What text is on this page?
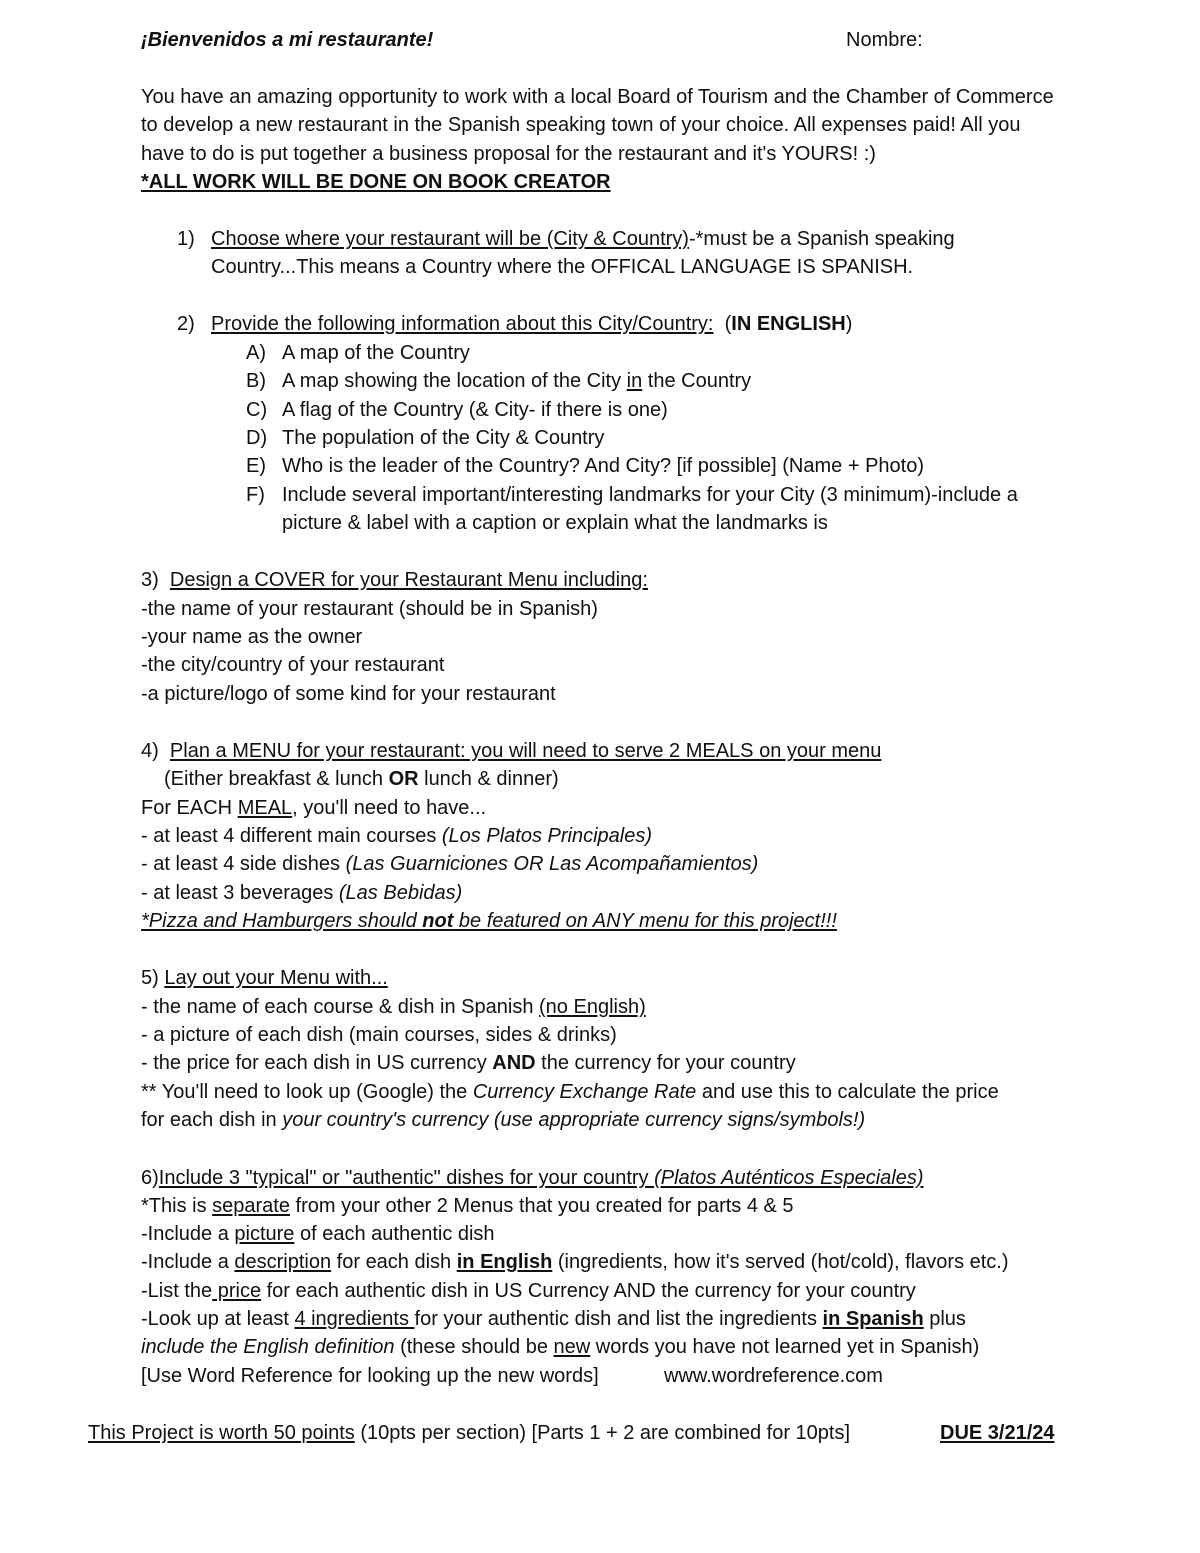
¡Bienvenidos a mi restaurante!	Nombre:
You have an amazing opportunity to work with a local Board of Tourism and the Chamber of Commerce
to develop a new restaurant in the Spanish speaking town of your choice. All expenses paid! All you
have to do is put together a business proposal for the restaurant and it's YOURS! :)
*ALL WORK WILL BE DONE ON BOOK CREATOR
1) Choose where your restaurant will be (City & Country)-*must be a Spanish speaking
Country...This means a Country where the OFFICAL LANGUAGE IS SPANISH.
2) Provide the following information about this City/Country: (IN ENGLISH)
A) A map of the Country
B) A map showing the location of the City in the Country
C) A flag of the Country (& City- if there is one)
D) The population of the City & Country
E) Who is the leader of the Country? And City? [if possible] (Name + Photo)
F) Include several important/interesting landmarks for your City (3 minimum)-include a
picture & label with a caption or explain what the landmarks is
3) Design a COVER for your Restaurant Menu including:
-the name of your restaurant (should be in Spanish)
-your name as the owner
-the city/country of your restaurant
-a picture/logo of some kind for your restaurant
4) Plan a MENU for your restaurant: you will need to serve 2 MEALS on your menu
(Either breakfast & lunch OR lunch & dinner)
For EACH MEAL, you'll need to have...
- at least 4 different main courses (Los Platos Principales)
- at least 4 side dishes (Las Guarniciones OR Las Acompañamientos)
- at least 3 beverages (Las Bebidas)
*Pizza and Hamburgers should not be featured on ANY menu for this project!!!
5) Lay out your Menu with...
- the name of each course & dish in Spanish (no English)
- a picture of each dish (main courses, sides & drinks)
- the price for each dish in US currency AND the currency for your country
** You'll need to look up (Google) the Currency Exchange Rate and use this to calculate the price
for each dish in your country's currency (use appropriate currency signs/symbols!)
6)Include 3 "typical" or "authentic" dishes for your country (Platos Auténticos Especiales)
*This is separate from your other 2 Menus that you created for parts 4 & 5
-Include a picture of each authentic dish
-Include a description for each dish in English (ingredients, how it's served (hot/cold), flavors etc.)
-List the price for each authentic dish in US Currency AND the currency for your country
-Look up at least 4 ingredients for your authentic dish and list the ingredients in Spanish plus
include the English definition (these should be new words you have not learned yet in Spanish)
[Use Word Reference for looking up the new words]	www.wordreference.com
This Project is worth 50 points (10pts per section) [Parts 1 + 2 are combined for 10pts]	DUE 3/21/24
